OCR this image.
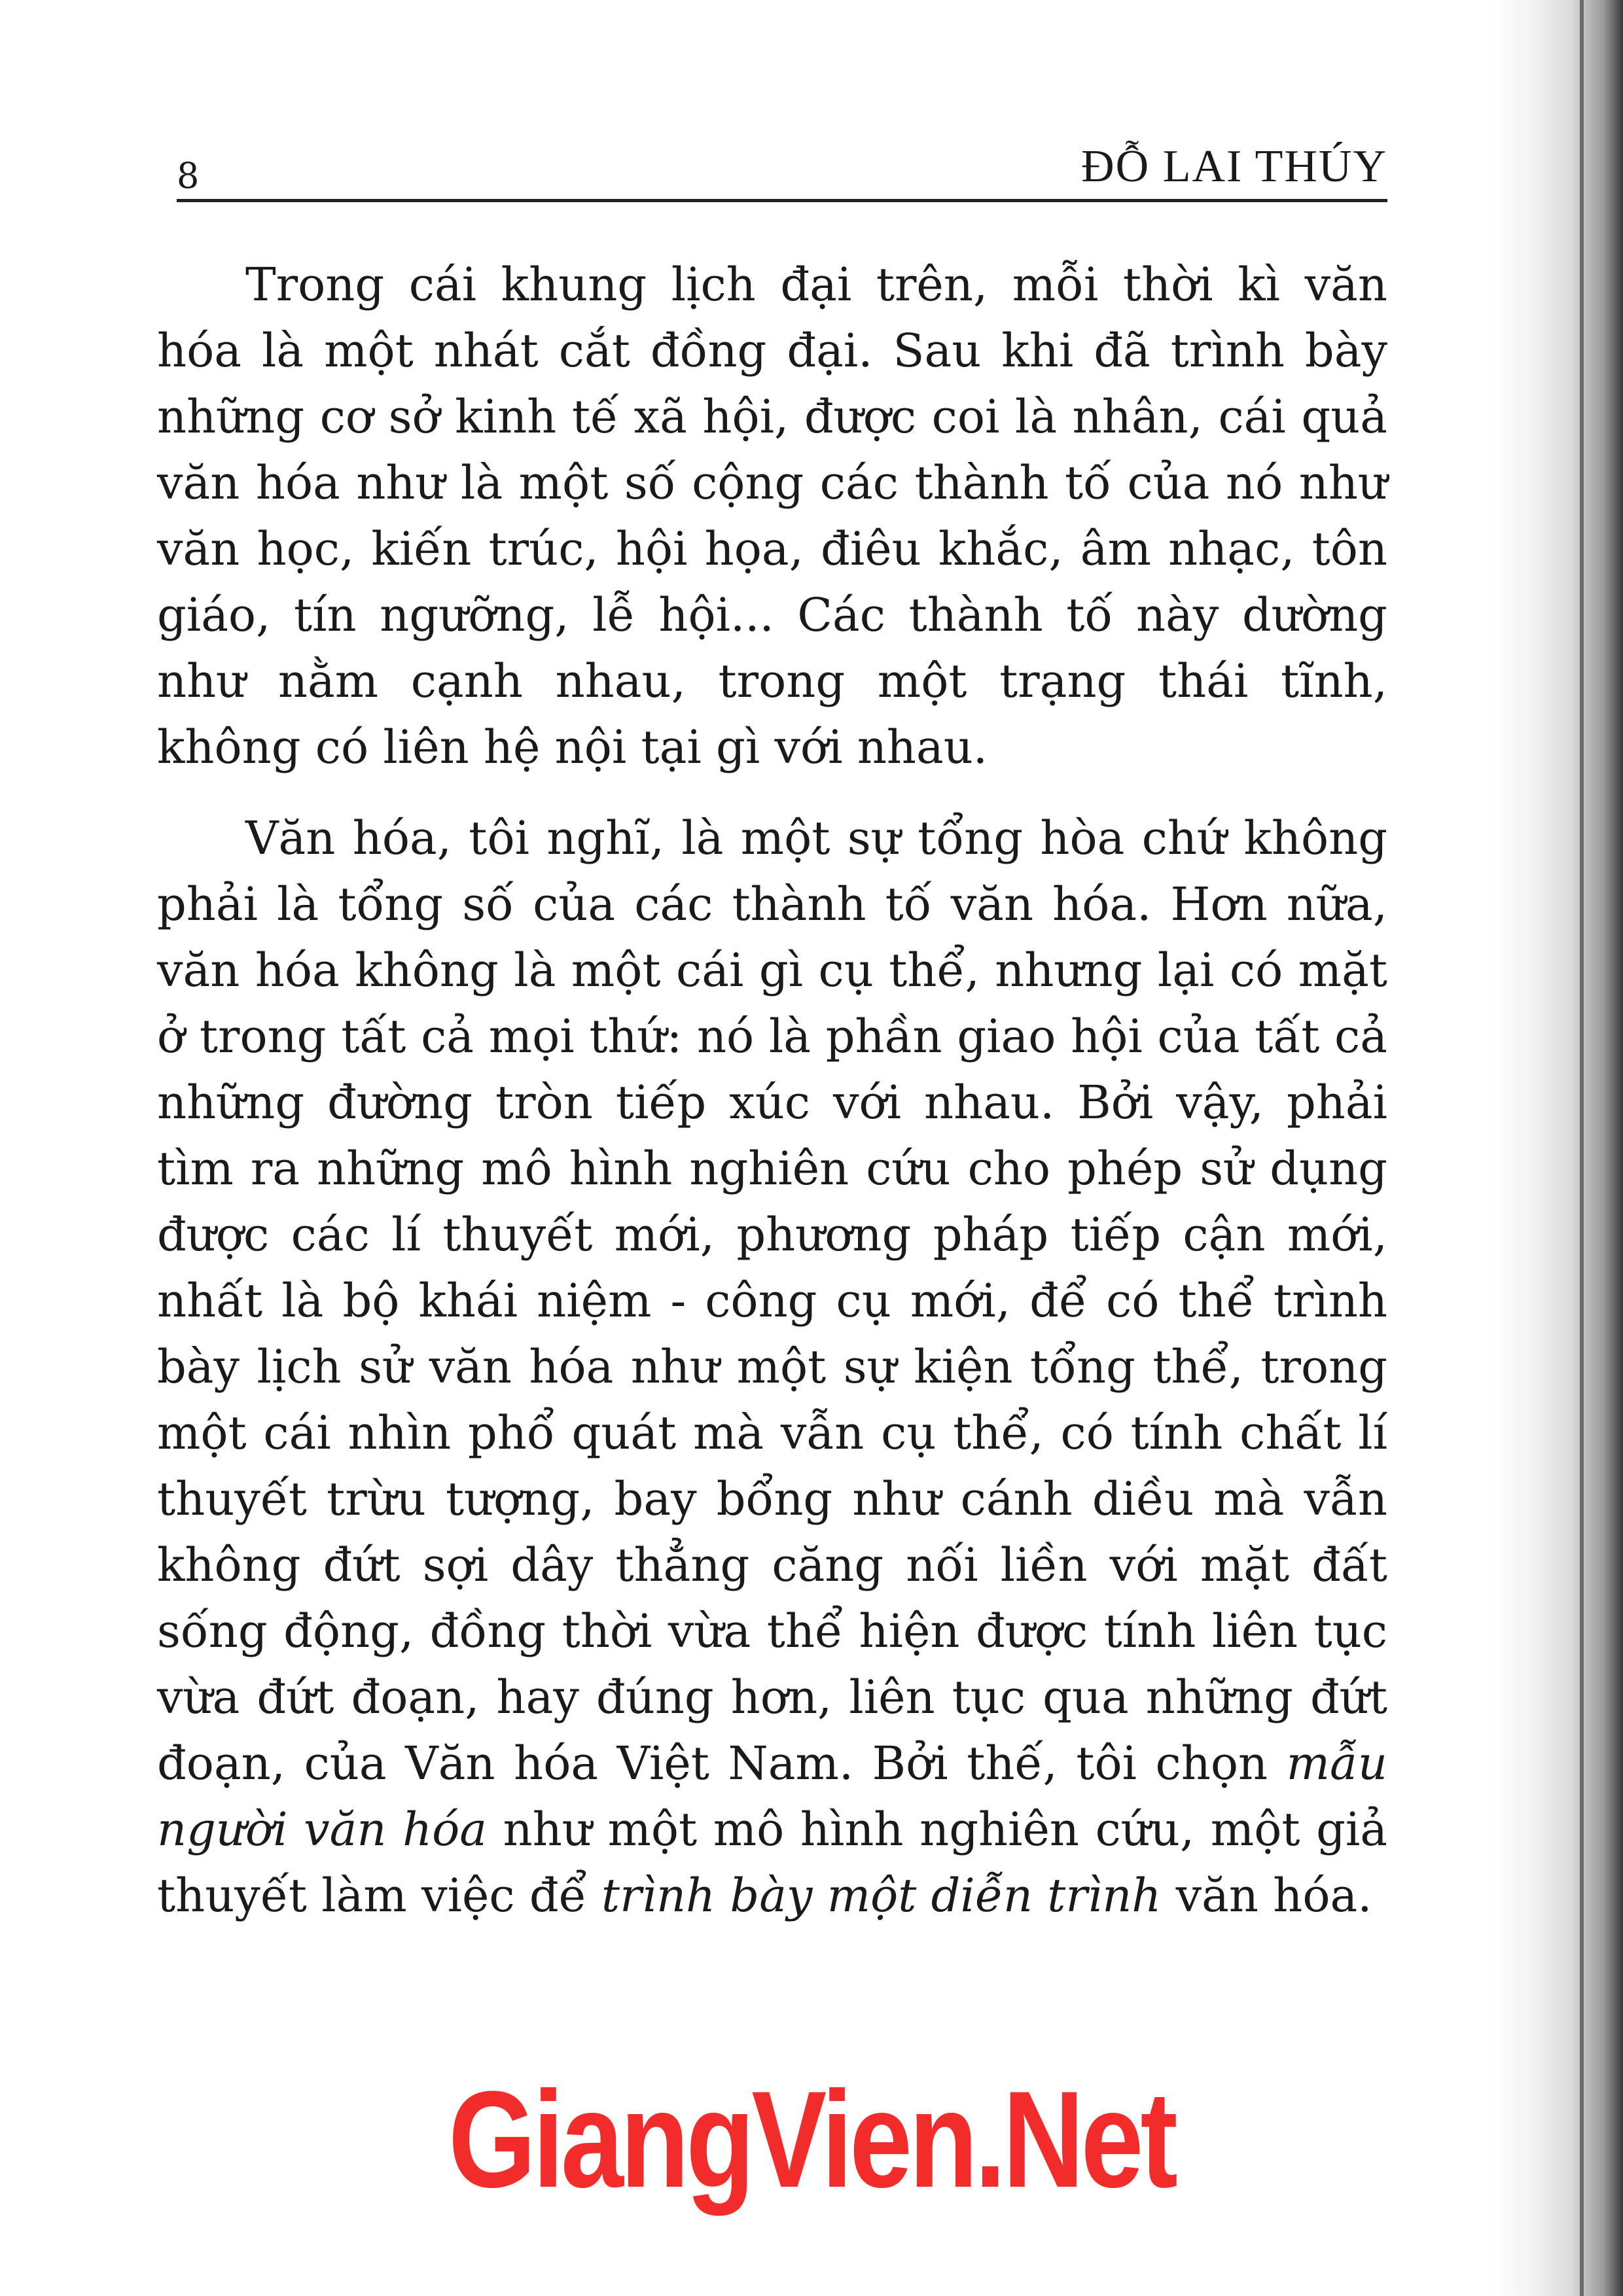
8	ĐỖ LAI THÚY

Trong cái khung lịch đại trên, mỗi thời kì văn hóa là một nhát cắt đồng đại. Sau khi đã trình bày những cơ sở kinh tế xã hội, được coi là nhân, cái quả văn hóa như là một số cộng các thành tố của nó như văn học, kiến trúc, hội họa, điêu khắc, âm nhạc, tôn giáo, tín ngưỡng, lễ hội... Các thành tố này dường như nằm cạnh nhau, trong một trạng thái tĩnh, không có liên hệ nội tại gì với nhau.

Văn hóa, tôi nghĩ, là một sự tổng hòa chứ không phải là tổng số của các thành tố văn hóa. Hơn nữa, văn hóa không là một cái gì cụ thể, nhưng lại có mặt ở trong tất cả mọi thứ: nó là phần giao hội của tất cả những đường tròn tiếp xúc với nhau. Bởi vậy, phải tìm ra những mô hình nghiên cứu cho phép sử dụng được các lí thuyết mới, phương pháp tiếp cận mới, nhất là bộ khái niệm - công cụ mới, để có thể trình bày lịch sử văn hóa như một sự kiện tổng thể, trong một cái nhìn phổ quát mà vẫn cụ thể, có tính chất lí thuyết trừu tượng, bay bổng như cánh diều mà vẫn không đứt sợi dây thẳng căng nối liền với mặt đất sống động, đồng thời vừa thể hiện được tính liên tục vừa đứt đoạn, hay đúng hơn, liên tục qua những đứt đoạn, của Văn hóa Việt Nam. Bởi thế, tôi chọn mẫu người văn hóa như một mô hình nghiên cứu, một giả thuyết làm việc để trình bày một diễn trình văn hóa.

GiangVien.Net
